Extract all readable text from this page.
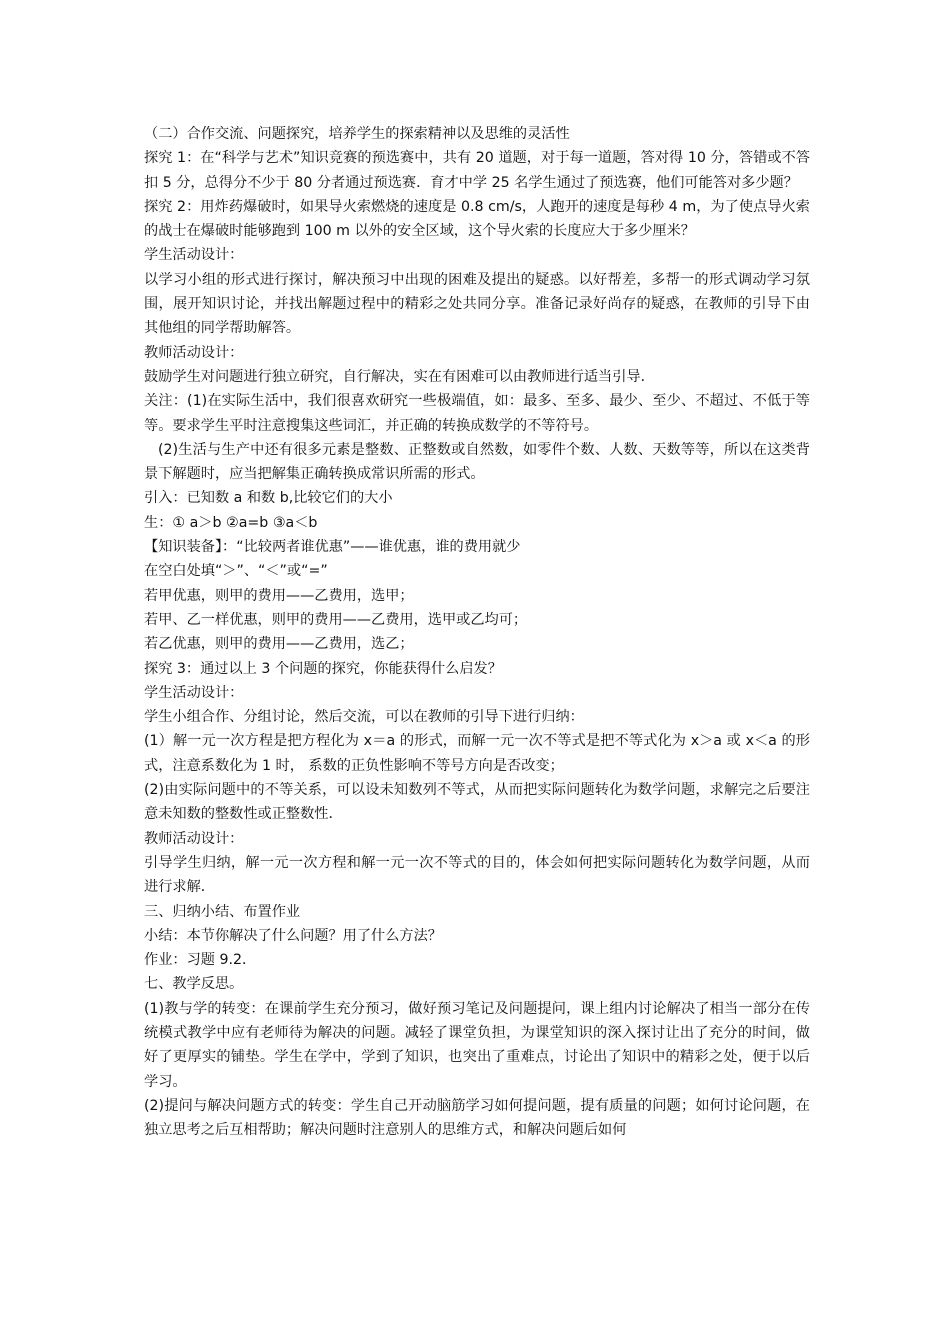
（二）合作交流、问题探究，培养学生的探索精神以及思维的灵活性

探究 1：在“科学与艺术”知识竞赛的预选赛中，共有 20 道题，对于每一道题，答对得 10 分，答错或不答扣 5 分，总得分不少于 80 分者通过预选赛．育才中学 25 名学生通过了预选赛，他们可能答对多少题？

探究 2：用炸药爆破时，如果导火索燃烧的速度是 0.8 cm/s，人跑开的速度是每秒 4 m，为了使点导火索的战士在爆破时能够跑到 100 m 以外的安全区域，这个导火索的长度应大于多少厘米？

学生活动设计：

以学习小组的形式进行探讨，解决预习中出现的困难及提出的疑惑。以好帮差，多帮一的形式调动学习氛围，展开知识讨论，并找出解题过程中的精彩之处共同分享。准备记录好尚存的疑惑，在教师的引导下由其他组的同学帮助解答。

教师活动设计：

鼓励学生对问题进行独立研究，自行解决，实在有困难可以由教师进行适当引导．

关注：(1)在实际生活中，我们很喜欢研究一些极端值，如：最多、至多、最少、至少、不超过、不低于等等。要求学生平时注意搜集这些词汇，并正确的转换成数学的不等符号。

(2)生活与生产中还有很多元素是整数、正整数或自然数，如零件个数、人数、天数等等，所以在这类背景下解题时，应当把解集正确转换成常识所需的形式。

引入：已知数 a 和数 b,比较它们的大小

生：① a＞b ②a=b ③a＜b

【知识装备】：“比较两者谁优惠”——谁优惠，谁的费用就少

在空白处填“＞”、“＜”或“=”

若甲优惠，则甲的费用——乙费用，选甲；

若甲、乙一样优惠，则甲的费用——乙费用，选甲或乙均可；

若乙优惠，则甲的费用——乙费用，选乙；

探究 3：通过以上 3 个问题的探究，你能获得什么启发？

学生活动设计：

学生小组合作、分组讨论，然后交流，可以在教师的引导下进行归纳：

(1）解一元一次方程是把方程化为 x＝a 的形式，而解一元一次不等式是把不等式化为 x＞a 或 x＜a 的形式，注意系数化为 1 时， 系数的正负性影响不等号方向是否改变；

(2)由实际问题中的不等关系，可以设未知数列不等式，从而把实际问题转化为数学问题，求解完之后要注意未知数的整数性或正整数性．

教师活动设计：

引导学生归纳，解一元一次方程和解一元一次不等式的目的，体会如何把实际问题转化为数学问题，从而进行求解．

三、归纳小结、布置作业

小结：本节你解决了什么问题？用了什么方法？

作业：习题 9.2．

七、教学反思。

(1)教与学的转变：在课前学生充分预习，做好预习笔记及问题提问，课上组内讨论解决了相当一部分在传统模式教学中应有老师待为解决的问题。减轻了课堂负担，为课堂知识的深入探讨让出了充分的时间，做好了更厚实的铺垫。学生在学中，学到了知识，也突出了重难点，讨论出了知识中的精彩之处，便于以后学习。

(2)提问与解决问题方式的转变：学生自己开动脑筋学习如何提问题，提有质量的问题；如何讨论问题，在独立思考之后互相帮助；解决问题时注意别人的思维方式，和解决问题后如何
